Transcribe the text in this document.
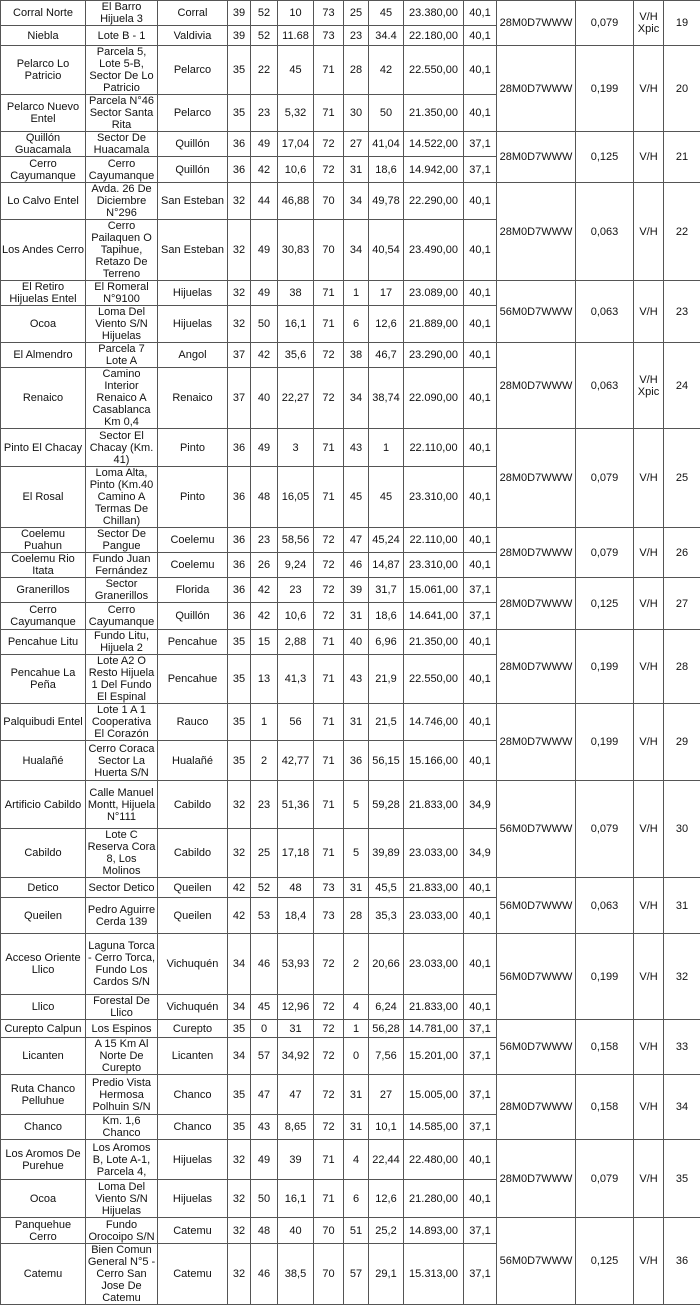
Corral Norte	El Barro Hijuela 3	Corral	39	52	10	73	25	45	23.380,00	40,1	28M0D7WWW	0,079	V/H Xpic	19
Niebla	Lote B - 1	Valdivia	39	52	11.68	73	23	34.4	22.180,00	40,1				
Pelarco Lo Patricio	Parcela 5, Lote 5-B, Sector De Lo Patricio	Pelarco	35	22	45	71	28	42	22.550,00	40,1	28M0D7WWW	0,199	V/H	20
Pelarco Nuevo Entel	Parcela N°46 Sector Santa Rita	Pelarco	35	23	5,32	71	30	50	21.350,00	40,1				
Quillón Guacamala	Sector De Huacamala	Quillón	36	49	17,04	72	27	41,04	14.522,00	37,1	28M0D7WWW	0,125	V/H	21
Cerro Cayumanque	Cerro Cayumanque	Quillón	36	42	10,6	72	31	18,6	14.942,00	37,1				
Lo Calvo Entel	Avda. 26 De Diciembre N°296	San Esteban	32	44	46,88	70	34	49,78	22.290,00	40,1	28M0D7WWW	0,063	V/H	22
Los Andes Cerro	Cerro Pailaquen O Tapihue, Retazo De Terreno	San Esteban	32	49	30,83	70	34	40,54	23.490,00	40,1				
El Retiro Hijuelas Entel	El Romeral N°9100	Hijuelas	32	49	38	71	1	17	23.089,00	40,1	56M0D7WWW	0,063	V/H	23
Ocoa	Loma Del Viento S/N Hijuelas	Hijuelas	32	50	16,1	71	6	12,6	21.889,00	40,1				
El Almendro	Parcela 7 Lote A	Angol	37	42	35,6	72	38	46,7	23.290,00	40,1	28M0D7WWW	0,063	V/H Xpic	24
Renaico	Camino Interior Renaico A Casablanca Km 0,4	Renaico	37	40	22,27	72	34	38,74	22.090,00	40,1				
Pinto El Chacay	Sector El Chacay (Km. 41)	Pinto	36	49	3	71	43	1	22.110,00	40,1	28M0D7WWW	0,079	V/H	25
El Rosal	Loma Alta, Pinto (Km.40 Camino A Termas De Chillan)	Pinto	36	48	16,05	71	45	45	23.310,00	40,1				
Coelemu Puahun	Sector De Pangue	Coelemu	36	23	58,56	72	47	45,24	22.110,00	40,1	28M0D7WWW	0,079	V/H	26
Coelemu Rio Itata	Fundo Juan Fernández	Coelemu	36	26	9,24	72	46	14,87	23.310,00	40,1				
Granerillos	Sector Granerillos	Florida	36	42	23	72	39	31,7	15.061,00	37,1	28M0D7WWW	0,125	V/H	27
Cerro Cayumanque	Cerro Cayumanque	Quillón	36	42	10,6	72	31	18,6	14.641,00	37,1				
Pencahue Litu	Fundo Litu, Hijuela 2	Pencahue	35	15	2,88	71	40	6,96	21.350,00	40,1	28M0D7WWW	0,199	V/H	28
Pencahue La Peña	Lote A2 O Resto Hijuela 1 Del Fundo El Espinal	Pencahue	35	13	41,3	71	43	21,9	22.550,00	40,1				
Palquibudi Entel	Lote 1 A 1 Cooperativa El Corazón	Rauco	35	1	56	71	31	21,5	14.746,00	40,1	28M0D7WWW	0,199	V/H	29
Hualañé	Cerro Coraca Sector La Huerta S/N	Hualañé	35	2	42,77	71	36	56,15	15.166,00	40,1				
Artificio Cabildo	Calle Manuel Montt, Hijuela N°111	Cabildo	32	23	51,36	71	5	59,28	21.833,00	34,9	56M0D7WWW	0,079	V/H	30
Cabildo	Lote C Reserva Cora 8, Los Molinos	Cabildo	32	25	17,18	71	5	39,89	23.033,00	34,9				
Detico	Sector Detico	Queilen	42	52	48	73	31	45,5	21.833,00	40,1	56M0D7WWW	0,063	V/H	31
Queilen	Pedro Aguirre Cerda 139	Queilen	42	53	18,4	73	28	35,3	23.033,00	40,1				
Acceso Oriente Llico	Laguna Torca - Cerro Torca, Fundo Los Cardos S/N	Vichuquén	34	46	53,93	72	2	20,66	23.033,00	40,1	56M0D7WWW	0,199	V/H	32
Llico	Forestal De Llico	Vichuquén	34	45	12,96	72	4	6,24	21.833,00	40,1				
Curepto Calpun	Los Espinos	Curepto	35	0	31	72	1	56,28	14.781,00	37,1	56M0D7WWW	0,158	V/H	33
Licanten	A 15 Km Al Norte De Curepto	Licanten	34	57	34,92	72	0	7,56	15.201,00	37,1				
Ruta Chanco Pelluhue	Predio Vista Hermosa Polhuin S/N	Chanco	35	47	47	72	31	27	15.005,00	37,1	28M0D7WWW	0,158	V/H	34
Chanco	Km. 1,6 Chanco	Chanco	35	43	8,65	72	31	10,1	14.585,00	37,1				
Los Aromos De Purehue	Los Aromos B, Lote A-1, Parcela 4,	Hijuelas	32	49	39	71	4	22,44	22.480,00	40,1	28M0D7WWW	0,079	V/H	35
Ocoa	Loma Del Viento S/N Hijuelas	Hijuelas	32	50	16,1	71	6	12,6	21.280,00	40,1				
Panquehue Cerro	Fundo Orocoipo S/N	Catemu	32	48	40	70	51	25,2	14.893,00	37,1	56M0D7WWW	0,125	V/H	36
Catemu	Bien Comun General N°5 - Cerro San Jose De Catemu	Catemu	32	46	38,5	70	57	29,1	15.313,00	37,1				
